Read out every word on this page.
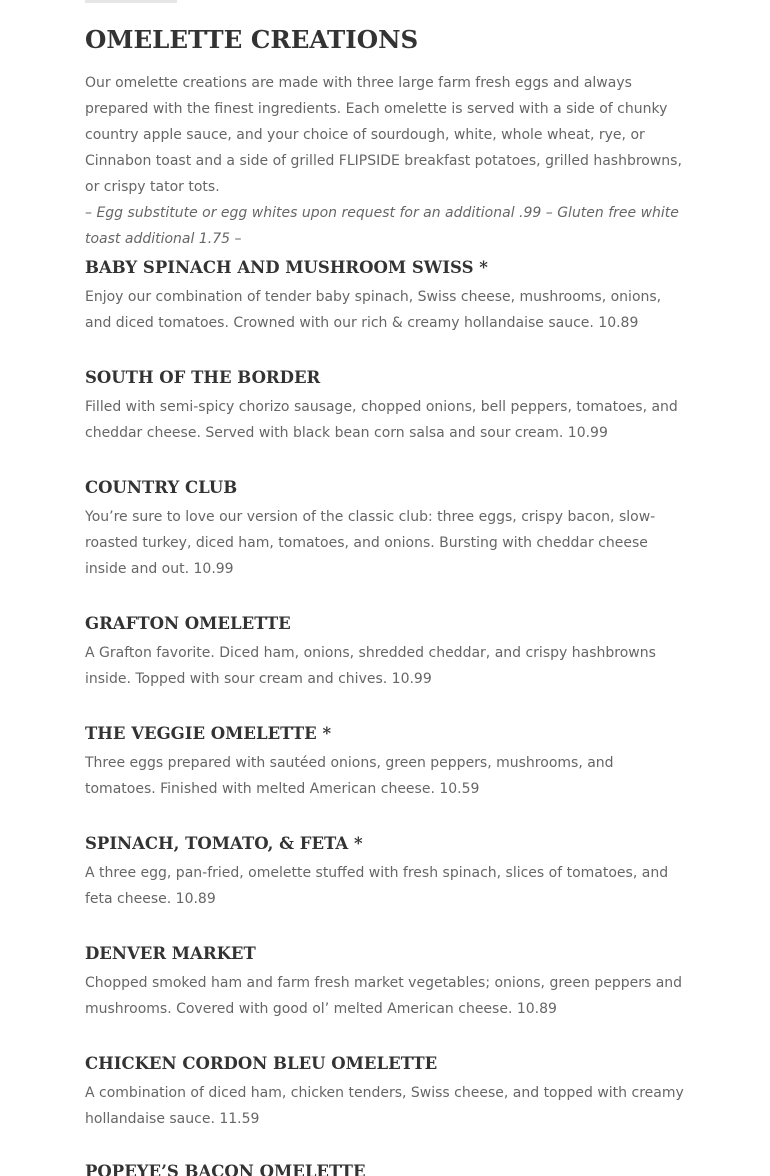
OMELETTE CREATIONS

Our omelette creations are made with three large farm fresh eggs and always prepared with the finest ingredients. Each omelette is served with a side of chunky country apple sauce, and your choice of sourdough, white, whole wheat, rye, or Cinnabon toast and a side of grilled FLIPSIDE breakfast potatoes, grilled hashbrowns, or crispy tator tots.

– Egg substitute or egg whites upon request for an additional .99 – Gluten free white toast additional 1.75 –

BABY SPINACH AND MUSHROOM SWISS *

Enjoy our combination of tender baby spinach, Swiss cheese, mushrooms, onions, and diced tomatoes. Crowned with our rich & creamy hollandaise sauce. 10.89

SOUTH OF THE BORDER

Filled with semi-spicy chorizo sausage, chopped onions, bell peppers, tomatoes, and cheddar cheese. Served with black bean corn salsa and sour cream. 10.99

COUNTRY CLUB

You’re sure to love our version of the classic club: three eggs, crispy bacon, slow-roasted turkey, diced ham, tomatoes, and onions. Bursting with cheddar cheese inside and out. 10.99

GRAFTON OMELETTE

A Grafton favorite. Diced ham, onions, shredded cheddar, and crispy hashbrowns inside. Topped with sour cream and chives. 10.99

THE VEGGIE OMELETTE *

Three eggs prepared with sautéed onions, green peppers, mushrooms, and tomatoes. Finished with melted American cheese. 10.59

SPINACH, TOMATO, & FETA *

A three egg, pan-fried, omelette stuffed with fresh spinach, slices of tomatoes, and feta cheese. 10.89

DENVER MARKET

Chopped smoked ham and farm fresh market vegetables; onions, green peppers and mushrooms. Covered with good ol’ melted American cheese. 10.89

CHICKEN CORDON BLEU OMELETTE

A combination of diced ham, chicken tenders, Swiss cheese, and topped with creamy hollandaise sauce. 11.59

POPEYE’S BACON OMELETTE
